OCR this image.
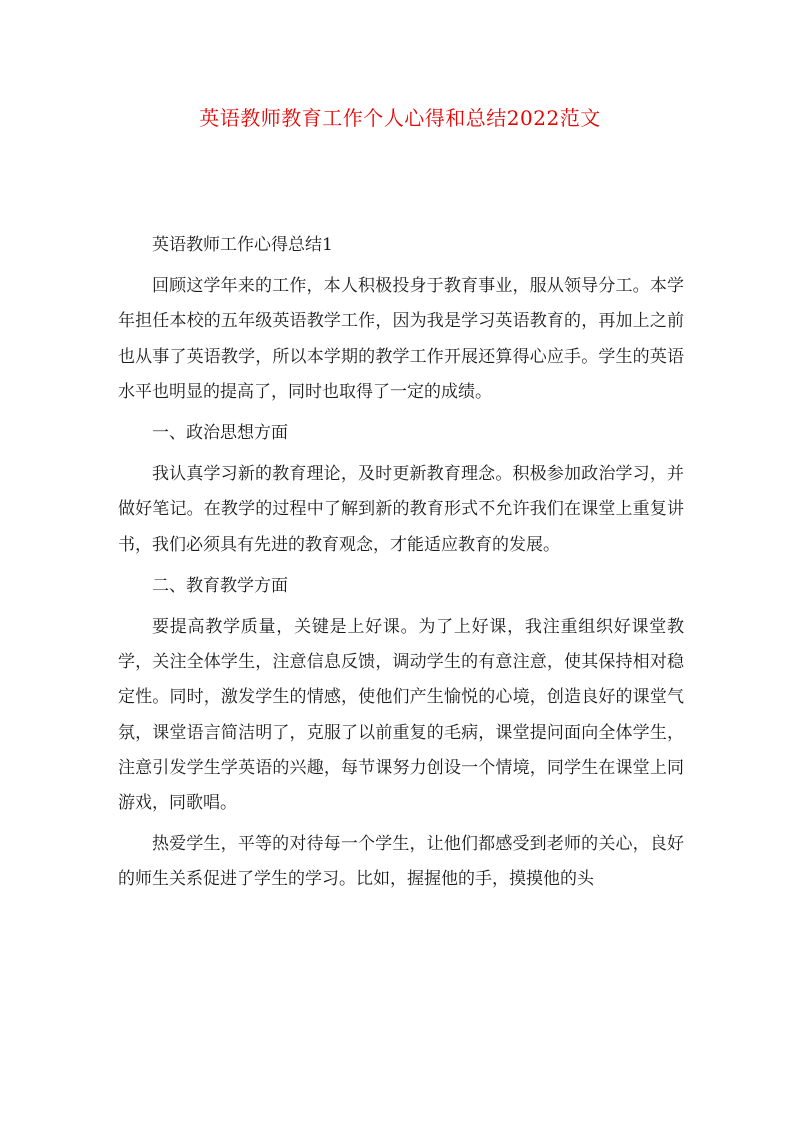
英语教师教育工作个人心得和总结2022范文

英语教师工作心得总结1

回顾这学年来的工作，本人积极投身于教育事业，服从领导分工。本学年担任本校的五年级英语教学工作，因为我是学习英语教育的，再加上之前也从事了英语教学，所以本学期的教学工作开展还算得心应手。学生的英语水平也明显的提高了，同时也取得了一定的成绩。

一、政治思想方面

我认真学习新的教育理论，及时更新教育理念。积极参加政治学习，并做好笔记。在教学的过程中了解到新的教育形式不允许我们在课堂上重复讲书，我们必须具有先进的教育观念，才能适应教育的发展。

二、教育教学方面

要提高教学质量，关键是上好课。为了上好课，我注重组织好课堂教学，关注全体学生，注意信息反馈，调动学生的有意注意，使其保持相对稳定性。同时，激发学生的情感，使他们产生愉悦的心境，创造良好的课堂气氛，课堂语言简洁明了，克服了以前重复的毛病，课堂提问面向全体学生，注意引发学生学英语的兴趣，每节课努力创设一个情境，同学生在课堂上同游戏，同歌唱。

热爱学生，平等的对待每一个学生，让他们都感受到老师的关心，良好的师生关系促进了学生的学习。比如，握握他的手，摸摸他的头
